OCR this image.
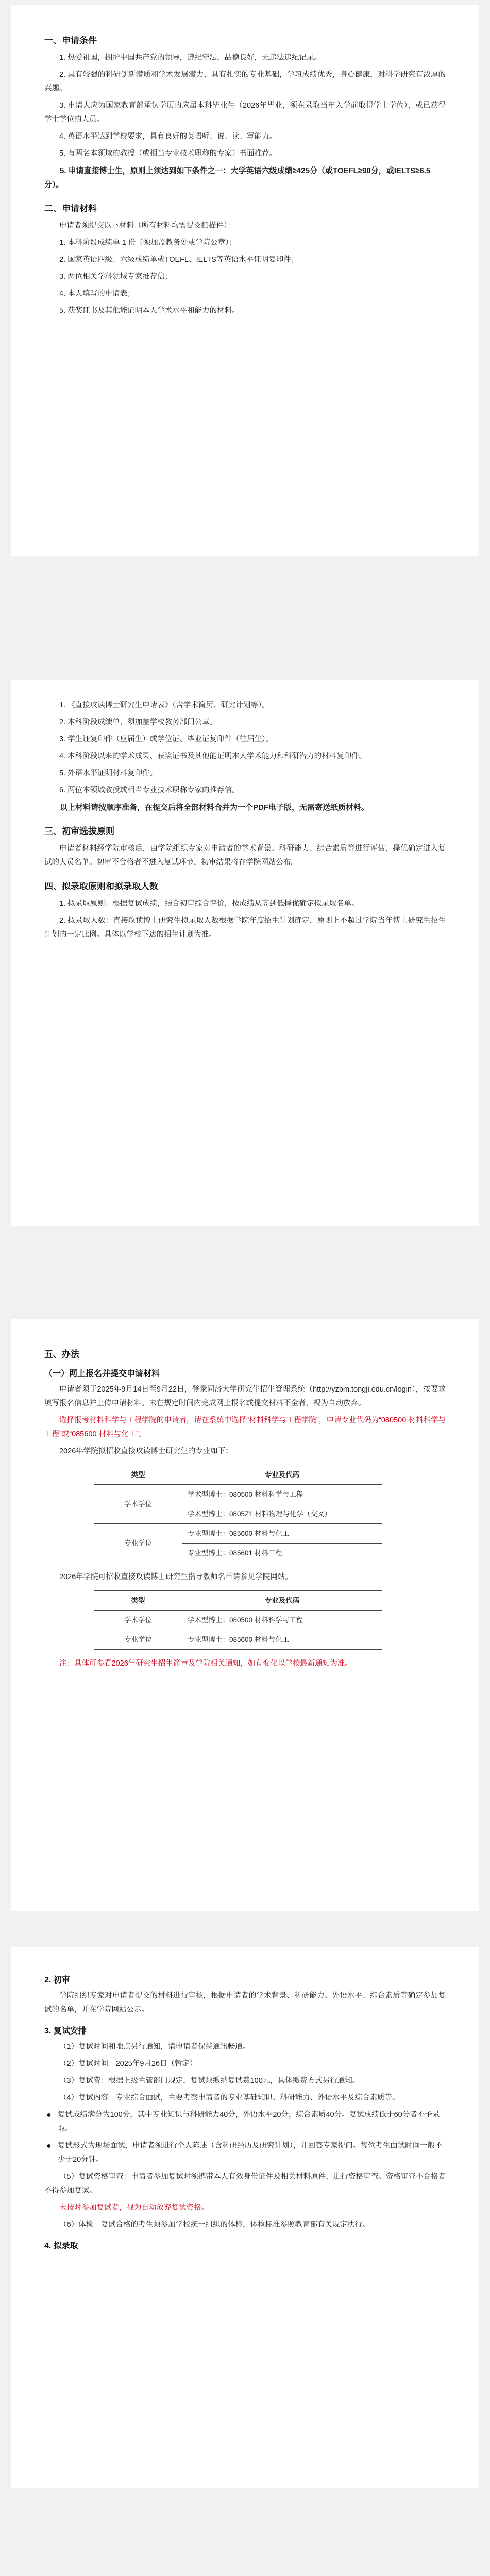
一、申请条件

1. 热爱祖国，拥护中国共产党的领导，遵纪守法，品德良好，无违法违纪记录。

2. 具有较强的科研创新潜质和学术发展潜力，具有扎实的专业基础，学习成绩优秀，身心健康，对科学研究有浓厚的兴趣。

3. 申请人应为国家教育部承认学历的应届本科毕业生（2026年毕业，须在录取当年入学前取得学士学位），或已获得学士学位的人员。

4. 英语水平达到学校要求，具有良好的英语听、说、读、写能力。

5. 有两名本领域的教授（或相当专业技术职称的专家）书面推荐。

5. 申请直接博士生，原则上须达到如下条件之一：大学英语六级成绩≥425分（或TOEFL≥90分，或IELTS≥6.5分）。

二、申请材料

申请者须提交以下材料（所有材料均需提交扫描件）：

1. 本科阶段成绩单 1 份（须加盖教务处或学院公章）；

2. 国家英语四级、六级成绩单或TOEFL、IELTS等英语水平证明复印件；

3. 两位相关学科领域专家推荐信；

4. 本人填写的申请表；

5. 获奖证书及其他能证明本人学术水平和能力的材料。

1. 《直接攻读博士研究生申请表》（含学术简历、研究计划等）。

2. 本科阶段成绩单，须加盖学校教务部门公章。

3. 学生证复印件（应届生）或学位证、毕业证复印件（往届生）。

4. 本科阶段以来的学术成果、获奖证书及其他能证明本人学术能力和科研潜力的材料复印件。

5. 外语水平证明材料复印件。

6. 两位本领域教授或相当专业技术职称专家的推荐信。

以上材料请按顺序准备，在提交后将全部材料合并为一个PDF电子版，无需寄送纸质材料。

三、初审选拔原则

申请者材料经学院审核后，由学院组织专家对申请者的学术背景、科研能力、综合素质等进行评估，择优确定进入复试的人员名单。初审不合格者不进入复试环节，初审结果将在学院网站公布。

四、拟录取原则和拟录取人数

1. 拟录取原则：根据复试成绩，结合初审综合评价，按成绩从高到低择优确定拟录取名单。

2. 拟录取人数：直接攻读博士研究生拟录取人数根据学院年度招生计划确定，原则上不超过学院当年博士研究生招生计划的一定比例。具体以学校下达的招生计划为准。

五、办法
（一）网上报名并提交申请材料

申请者须于2025年9月14日至9月22日，登录同济大学研究生招生管理系统（http://yzbm.tongji.edu.cn/login），按要求填写报名信息并上传申请材料。未在规定时间内完成网上报名或提交材料不全者，视为自动放弃。

选择报考材料科学与工程学院的申请者，请在系统中选择“材料科学与工程学院”，申请专业代码为“080500 材料科学与工程”或“085600 材料与化工”。

2026年学院拟招收直接攻读博士研究生的专业如下：

类型	专业及代码
学术学位	学术型博士：080500 材料科学与工程
	学术型博士：0805Z1 材料物理与化学（交叉）
专业学位	专业型博士：085600 材料与化工
	专业型博士：085601 材料工程

2026年学院可招收直接攻读博士研究生指导教师名单请参见学院网站。

类型	专业及代码
学术学位	学术型博士：080500 材料科学与工程
专业学位	专业型博士：085600 材料与化工

注：具体可参看2026年研究生招生简章及学院相关通知，如有变化以学校最新通知为准。

2. 初审

学院组织专家对申请者提交的材料进行审核，根据申请者的学术背景、科研能力、外语水平、综合素质等确定参加复试的名单，并在学院网站公示。

3. 复试安排

（1）复试时间和地点另行通知，请申请者保持通讯畅通。

（2）复试时间：2025年9月26日（暂定）

（3）复试费：根据上级主管部门规定，复试须缴纳复试费100元，具体缴费方式另行通知。

（4）复试内容：专业综合面试，主要考察申请者的专业基础知识、科研能力、外语水平及综合素质等。

● 复试成绩满分为100分，其中专业知识与科研能力40分，外语水平20分，综合素质40分。复试成绩低于60分者不予录取。

● 复试形式为现场面试，申请者须进行个人陈述（含科研经历及研究计划），并回答专家提问。每位考生面试时间一般不少于20分钟。

（5）复试资格审查：申请者参加复试时须携带本人有效身份证件及相关材料原件，进行资格审查。资格审查不合格者不得参加复试。

未按时参加复试者，视为自动放弃复试资格。

（6）体检：复试合格的考生须参加学校统一组织的体检，体检标准参照教育部有关规定执行。

4. 拟录取
